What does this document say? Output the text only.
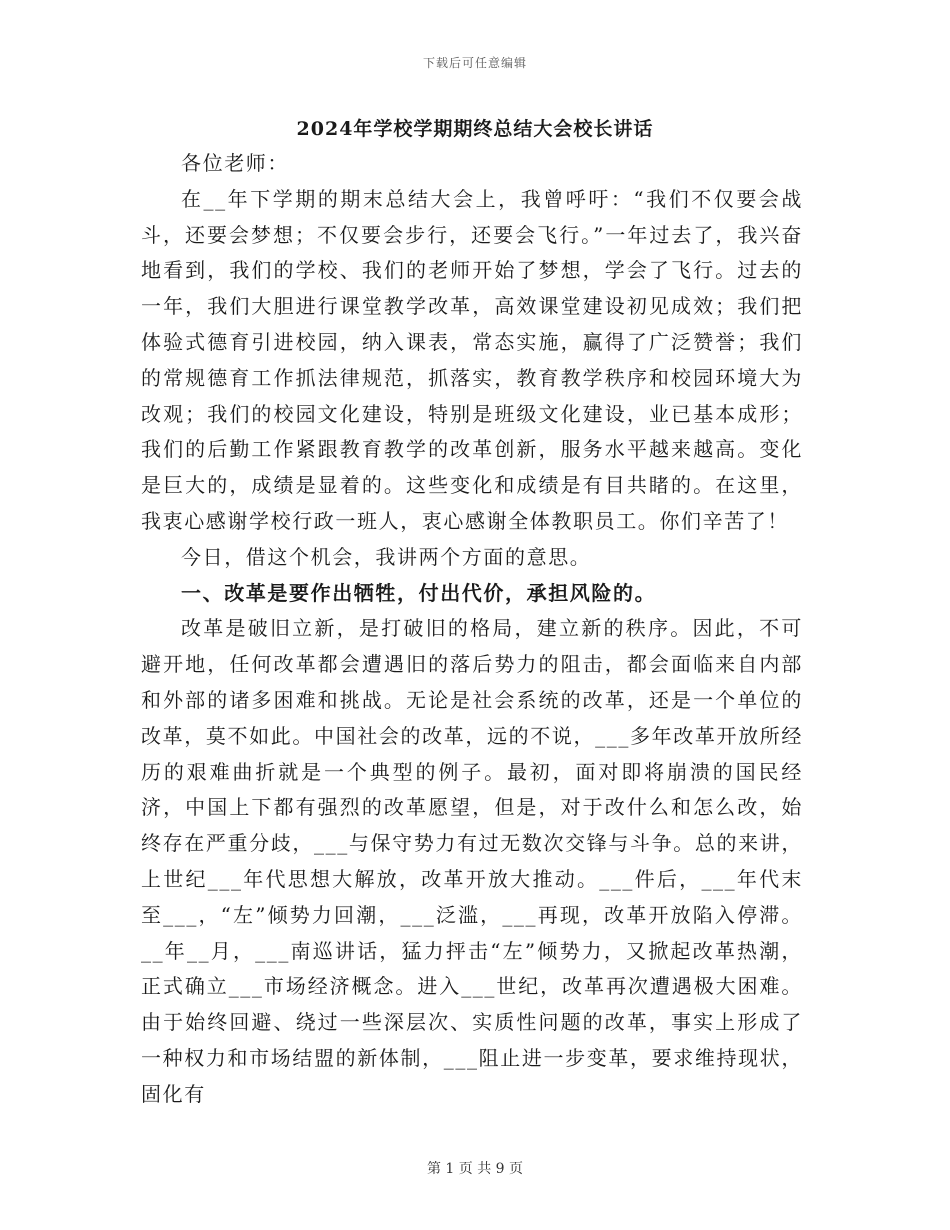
下载后可任意编辑
2024年学校学期期终总结大会校长讲话

各位老师：

在__年下学期的期末总结大会上，我曾呼吁：“我们不仅要会战斗，还要会梦想；不仅要会步行，还要会飞行。”一年过去了，我兴奋地看到，我们的学校、我们的老师开始了梦想，学会了飞行。过去的一年，我们大胆进行课堂教学改革，高效课堂建设初见成效；我们把体验式德育引进校园，纳入课表，常态实施，赢得了广泛赞誉；我们的常规德育工作抓法律规范，抓落实，教育教学秩序和校园环境大为改观；我们的校园文化建设，特别是班级文化建设，业已基本成形；我们的后勤工作紧跟教育教学的改革创新，服务水平越来越高。变化是巨大的，成绩是显着的。这些变化和成绩是有目共睹的。在这里，我衷心感谢学校行政一班人，衷心感谢全体教职员工。你们辛苦了！

今日，借这个机会，我讲两个方面的意思。

一、改革是要作出牺牲，付出代价，承担风险的。

改革是破旧立新，是打破旧的格局，建立新的秩序。因此，不可避开地，任何改革都会遭遇旧的落后势力的阻击，都会面临来自内部和外部的诸多困难和挑战。无论是社会系统的改革，还是一个单位的改革，莫不如此。中国社会的改革，远的不说，___多年改革开放所经历的艰难曲折就是一个典型的例子。最初，面对即将崩溃的国民经济，中国上下都有强烈的改革愿望，但是，对于改什么和怎么改，始终存在严重分歧，___与保守势力有过无数次交锋与斗争。总的来讲，上世纪___年代思想大解放，改革开放大推动。___件后，___年代末至___，“左”倾势力回潮，___泛滥，___再现，改革开放陷入停滞。__年__月，___南巡讲话，猛力抨击“左”倾势力，又掀起改革热潮，正式确立___市场经济概念。进入___世纪，改革再次遭遇极大困难。由于始终回避、绕过一些深层次、实质性问题的改革，事实上形成了一种权力和市场结盟的新体制，___阻止进一步变革，要求维持现状，固化有

第 1 页 共 9 页
